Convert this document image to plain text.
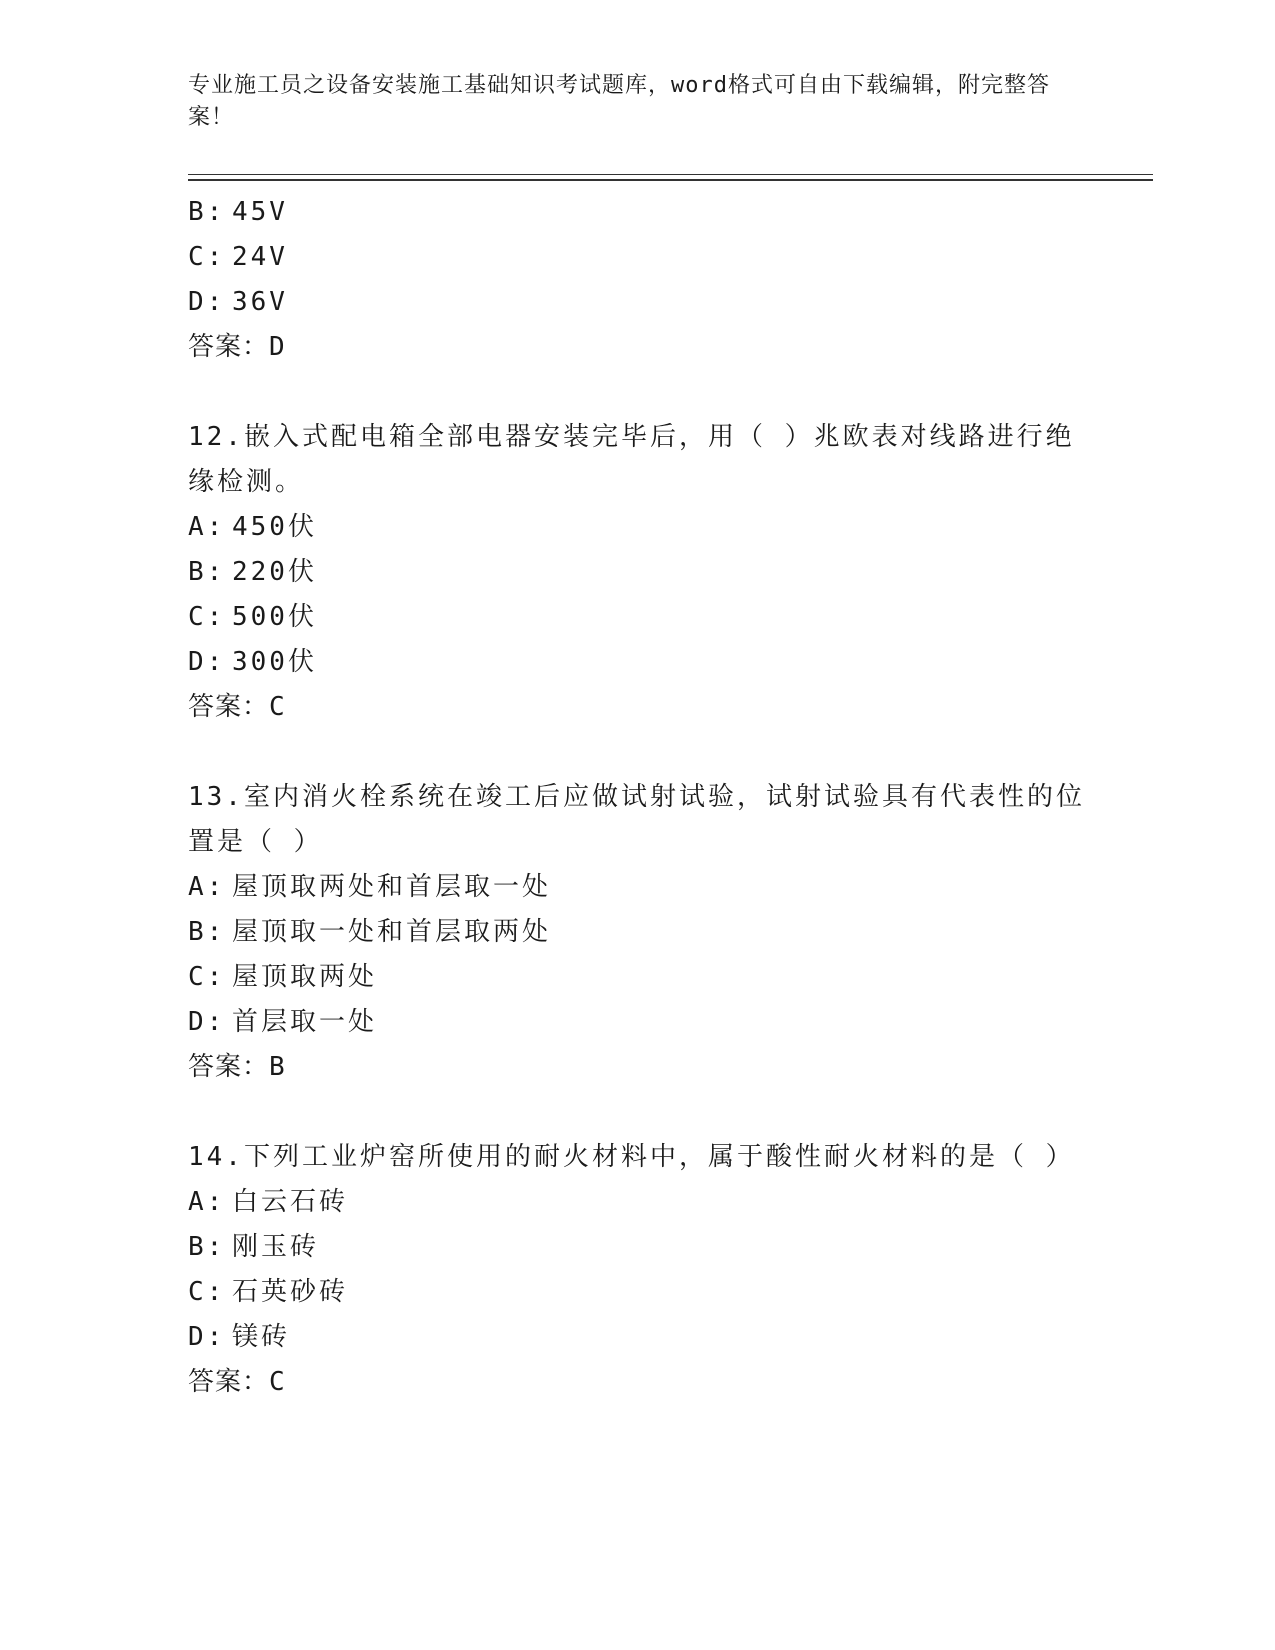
专业施工员之设备安装施工基础知识考试题库，word格式可自由下载编辑，附完整答案！
B: 45V
C: 24V
D: 36V
答案：D
12.嵌入式配电箱全部电器安装完毕后，用（ ）兆欧表对线路进行绝
缘检测。
A: 450伏
B: 220伏
C: 500伏
D: 300伏
答案：C
13.室内消火栓系统在竣工后应做试射试验，试射试验具有代表性的位
置是（ ）
A: 屋顶取两处和首层取一处
B: 屋顶取一处和首层取两处
C: 屋顶取两处
D: 首层取一处
答案：B
14.下列工业炉窑所使用的耐火材料中，属于酸性耐火材料的是（ ）
A: 白云石砖
B: 刚玉砖
C: 石英砂砖
D: 镁砖
答案：C
